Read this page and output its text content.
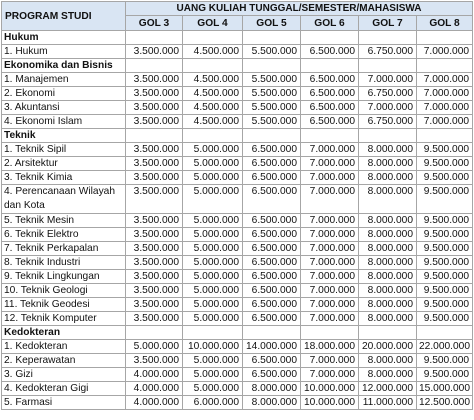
PROGRAM STUDI	UANG KULIAH TUNGGAL/SEMESTER/MAHASISWA					
	GOL 3	GOL 4	GOL 5	GOL 6	GOL 7	GOL 8
Hukum						
1. Hukum	3.500.000	4.500.000	5.500.000	6.500.000	6.750.000	7.000.000
Ekonomika dan Bisnis						
1. Manajemen	3.500.000	4.500.000	5.500.000	6.500.000	7.000.000	7.000.000
2. Ekonomi	3.500.000	4.500.000	5.500.000	6.500.000	6.750.000	7.000.000
3. Akuntansi	3.500.000	4.500.000	5.500.000	6.500.000	7.000.000	7.000.000
4. Ekonomi Islam	3.500.000	4.500.000	5.500.000	6.500.000	6.750.000	7.000.000
Teknik						
1. Teknik Sipil	3.500.000	5.000.000	6.500.000	7.000.000	8.000.000	9.500.000
2. Arsitektur	3.500.000	5.000.000	6.500.000	7.000.000	8.000.000	9.500.000
3. Teknik Kimia	3.500.000	5.000.000	6.500.000	7.000.000	8.000.000	9.500.000
4. Perencanaan Wilayah dan Kota	3.500.000	5.000.000	6.500.000	7.000.000	8.000.000	9.500.000
5. Teknik Mesin	3.500.000	5.000.000	6.500.000	7.000.000	8.000.000	9.500.000
6. Teknik Elektro	3.500.000	5.000.000	6.500.000	7.000.000	8.000.000	9.500.000
7. Teknik Perkapalan	3.500.000	5.000.000	6.500.000	7.000.000	8.000.000	9.500.000
8. Teknik Industri	3.500.000	5.000.000	6.500.000	7.000.000	8.000.000	9.500.000
9. Teknik Lingkungan	3.500.000	5.000.000	6.500.000	7.000.000	8.000.000	9.500.000
10. Teknik Geologi	3.500.000	5.000.000	6.500.000	7.000.000	8.000.000	9.500.000
11. Teknik Geodesi	3.500.000	5.000.000	6.500.000	7.000.000	8.000.000	9.500.000
12. Teknik Komputer	3.500.000	5.000.000	6.500.000	7.000.000	8.000.000	9.500.000
Kedokteran						
1. Kedokteran	5.000.000	10.000.000	14.000.000	18.000.000	20.000.000	22.000.000
2. Keperawatan	3.500.000	5.000.000	6.500.000	7.000.000	8.000.000	9.500.000
3. Gizi	4.000.000	5.000.000	6.500.000	7.000.000	8.000.000	9.500.000
4. Kedokteran Gigi	4.000.000	5.000.000	8.000.000	10.000.000	12.000.000	15.000.000
5. Farmasi	4.000.000	6.000.000	8.000.000	10.000.000	11.000.000	12.500.000
